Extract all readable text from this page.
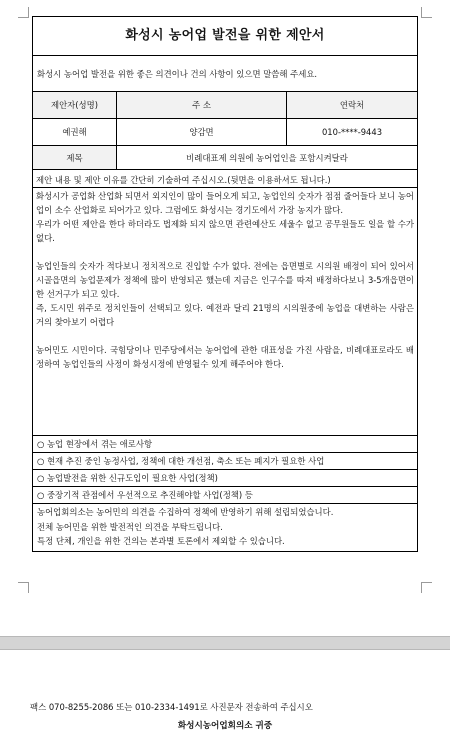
화성시 농어업 발전을 위한 제안서
화성시 농어업 발전을 위한 좋은 의견이나 건의 사항이 있으면 말씀해 주세요.
제안자(성명)	주 소	연락처
예권해	양감면	010-****-9443
제목	비례대표제 의원에 농어업인을 포함시켜달라
제안 내용 및 제안 이유를 간단히 기술하여 주십시오.(뒷면을 이용하셔도 됩니다.)

화성시가 공업화 산업화 되면서 외지인이 많이 들어오게 되고, 농업인의 숫자가 점점 줄어들다 보니 농어업이 소수 산업화로 되어가고 있다. 그럼에도 화성시는 경기도에서 가장 농지가 많다.

우리가 어떤 제안을 한다 하더라도 법제화 되지 않으면 관련예산도 세울수 없고 공무원들도 일을 할 수가 없다.

농업인들의 숫자가 적다보니 정치적으로 진입할 수가 없다. 전에는 읍면별로 시의원 배정이 되어 있어서 시골읍면의 농업문제가 정책에 많이 반영되곤 했는데 지금은 인구수를 따져 배정하다보니 3-5개읍면이 한 선거구가 되고 있다.

즉, 도시민 위주로 정치인들이 선택되고 있다. 예전과 달리 21명의 시의원중에 농업을 대변하는 사람은 거의 찾아보기 어렵다

농어민도 시민이다. 국힘당이나 민주당에서는 농어업에 관한 대표성을 가진 사람을, 비례대표로라도 배정하여 농업인들의 사정이 화성시정에 반영될수 있게 해주어야 한다.

○ 농업 현장에서 겪는 애로사항
○ 현재 추진 중인 농정사업, 정책에 대한 개선점, 축소 또는 폐지가 필요한 사업
○ 농업발전을 위한 신규도입이 필요한 사업(정책)
○ 중장기적 관점에서 우선적으로 추진해야할 사업(정책) 등
농어업회의소는 농어민의 의견을 수집하여 정책에 반영하기 위해 설립되었습니다.
전체 농어민을 위한 발전적인 의견을 부탁드립니다.
특정 단체, 개인을 위한 건의는 본과별 토론에서 제외할 수 있습니다.
팩스 070-8255-2086 또는 010-2334-1491로 사진문자 전송하여 주십시오
화성시농어업회의소 귀중
